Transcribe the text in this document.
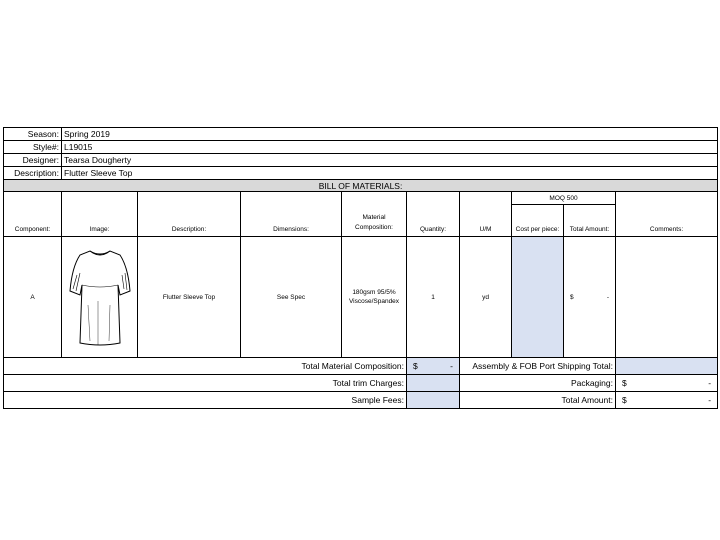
Season:	Spring 2019								
Style#:	L19015								
Designer:	Tearsa Dougherty								
Description:	Flutter Sleeve Top								
BILL OF MATERIALS:									
Component:	Image:	Description:	Dimensions:	Material Composition:	Quantity:	U/M	MOQ 500		Comments:
							Cost per piece:	Total Amount:	
A		Flutter Sleeve Top	See Spec	180gsm 95/5% Viscose/Spandex	1	yd		$ -	

Total Material Composition:					$ -	Assembly & FOB Port Shipping Total:			
Total trim Charges:						Packaging:			$ -

Sample Fees:						Total Amount:			$ -
